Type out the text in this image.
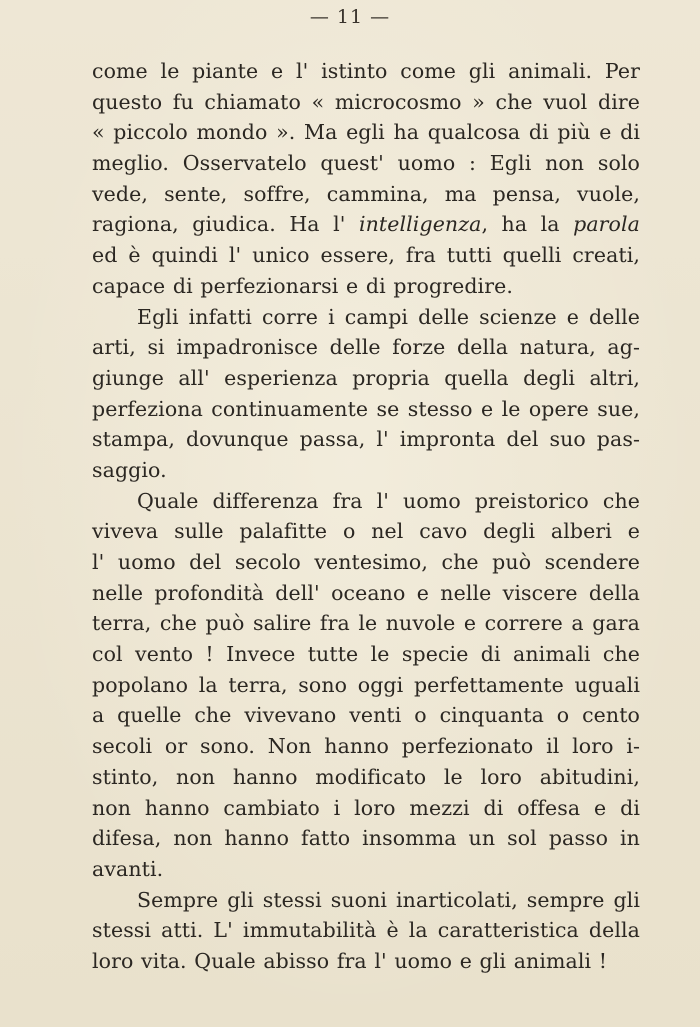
— 11 —
come le piante e l' istinto come gli animali. Per
questo fu chiamato « microcosmo » che vuol dire
« piccolo mondo ». Ma egli ha qualcosa di più e di
meglio. Osservatelo quest' uomo : Egli non solo
vede, sente, soffre, cammina, ma pensa, vuole,
ragiona, giudica. Ha l' intelligenza, ha la parola
ed è quindi l' unico essere, fra tutti quelli creati,
capace di perfezionarsi e di progredire.
Egli infatti corre i campi delle scienze e delle
arti, si impadronisce delle forze della natura, ag-
giunge all' esperienza propria quella degli altri,
perfeziona continuamente se stesso e le opere sue,
stampa, dovunque passa, l' impronta del suo pas-
saggio.
Quale differenza fra l' uomo preistorico che
viveva sulle palafitte o nel cavo degli alberi e
l' uomo del secolo ventesimo, che può scendere
nelle profondità dell' oceano e nelle viscere della
terra, che può salire fra le nuvole e correre a gara
col vento ! Invece tutte le specie di animali che
popolano la terra, sono oggi perfettamente uguali
a quelle che vivevano venti o cinquanta o cento
secoli or sono. Non hanno perfezionato il loro i-
stinto, non hanno modificato le loro abitudini,
non hanno cambiato i loro mezzi di offesa e di
difesa, non hanno fatto insomma un sol passo in
avanti.
Sempre gli stessi suoni inarticolati, sempre gli
stessi atti. L' immutabilità è la caratteristica della
loro vita. Quale abisso fra l' uomo e gli animali !
